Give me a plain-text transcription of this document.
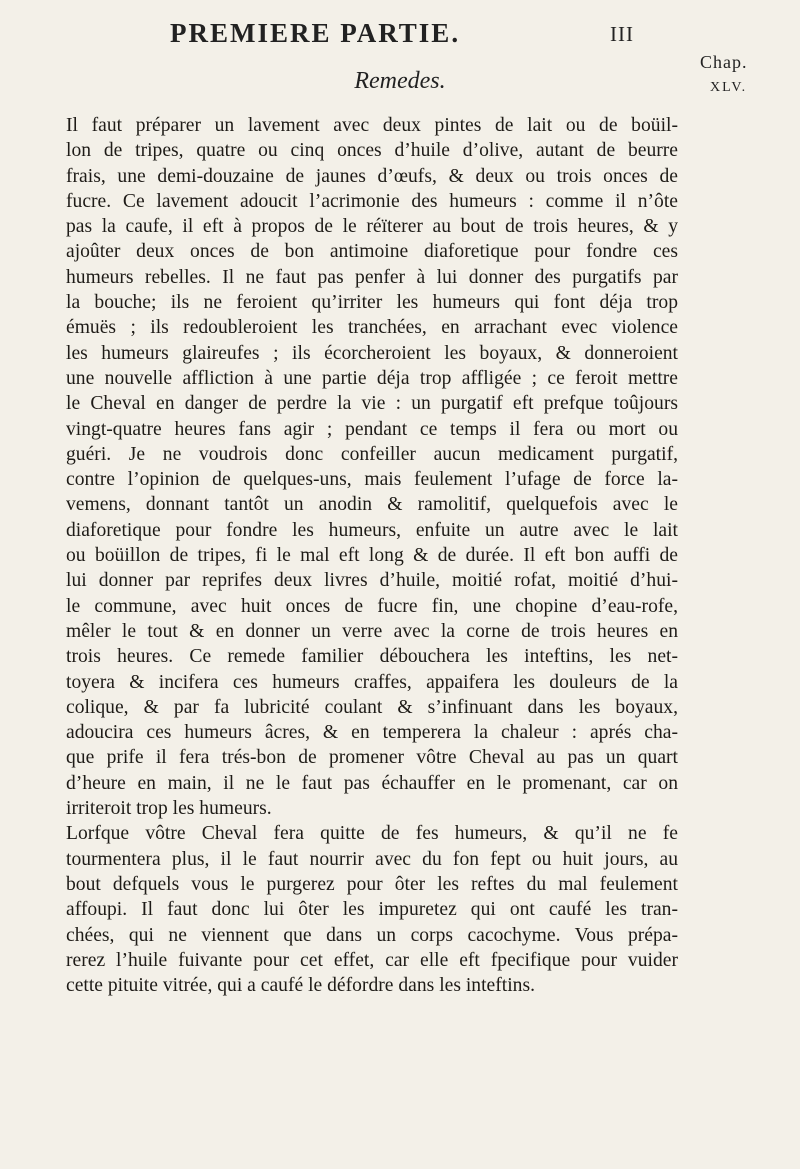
PREMIERE PARTIE.	III
Chap.
XLV.
Remedes.
Il faut préparer un lavement avec deux pintes de lait ou de boüil-
lon de tripes, quatre ou cinq onces d’huile d’olive, autant de beurre
frais, une demi-douzaine de jaunes d’œufs, & deux ou trois onces de
fucre. Ce lavement adoucit l’acrimonie des humeurs : comme il n’ôte
pas la caufe, il eft à propos de le réïterer au bout de trois heures, & y
ajoûter deux onces de bon antimoine diaforetique pour fondre ces
humeurs rebelles. Il ne faut pas penfer à lui donner des purgatifs par
la bouche; ils ne feroient qu’irriter les humeurs qui font déja trop
émuës ; ils redoubleroient les tranchées, en arrachant evec violence
les humeurs glaireufes ; ils écorcheroient les boyaux, & donneroient
une nouvelle affliction à une partie déja trop affligée ; ce feroit mettre
le Cheval en danger de perdre la vie : un purgatif eft prefque toûjours
vingt-quatre heures fans agir ; pendant ce temps il fera ou mort ou
guéri. Je ne voudrois donc confeiller aucun medicament purgatif,
contre l’opinion de quelques-uns, mais feulement l’ufage de force la-
vemens, donnant tantôt un anodin & ramolitif, quelquefois avec le
diaforetique pour fondre les humeurs, enfuite un autre avec le lait
ou boüillon de tripes, fi le mal eft long & de durée. Il eft bon auffi de
lui donner par reprifes deux livres d’huile, moitié rofat, moitié d’hui-
le commune, avec huit onces de fucre fin, une chopine d’eau-rofe,
mêler le tout & en donner un verre avec la corne de trois heures en
trois heures. Ce remede familier débouchera les inteftins, les net-
toyera & incifera ces humeurs craffes, appaifera les douleurs de la
colique, & par fa lubricité coulant & s’infinuant dans les boyaux,
adoucira ces humeurs âcres, & en temperera la chaleur : aprés cha-
que prife il fera trés-bon de promener vôtre Cheval au pas un quart
d’heure en main, il ne le faut pas échauffer en le promenant, car on
irriteroit trop les humeurs.
Lorfque vôtre Cheval fera quitte de fes humeurs, & qu’il ne fe
tourmentera plus, il le faut nourrir avec du fon fept ou huit jours, au
bout defquels vous le purgerez pour ôter les reftes du mal feulement
affoupi. Il faut donc lui ôter les impuretez qui ont caufé les tran-
chées, qui ne viennent que dans un corps cacochyme. Vous prépa-
rerez l’huile fuivante pour cet effet, car elle eft fpecifique pour vuider
cette pituite vitrée, qui a caufé le défordre dans les inteftins.
